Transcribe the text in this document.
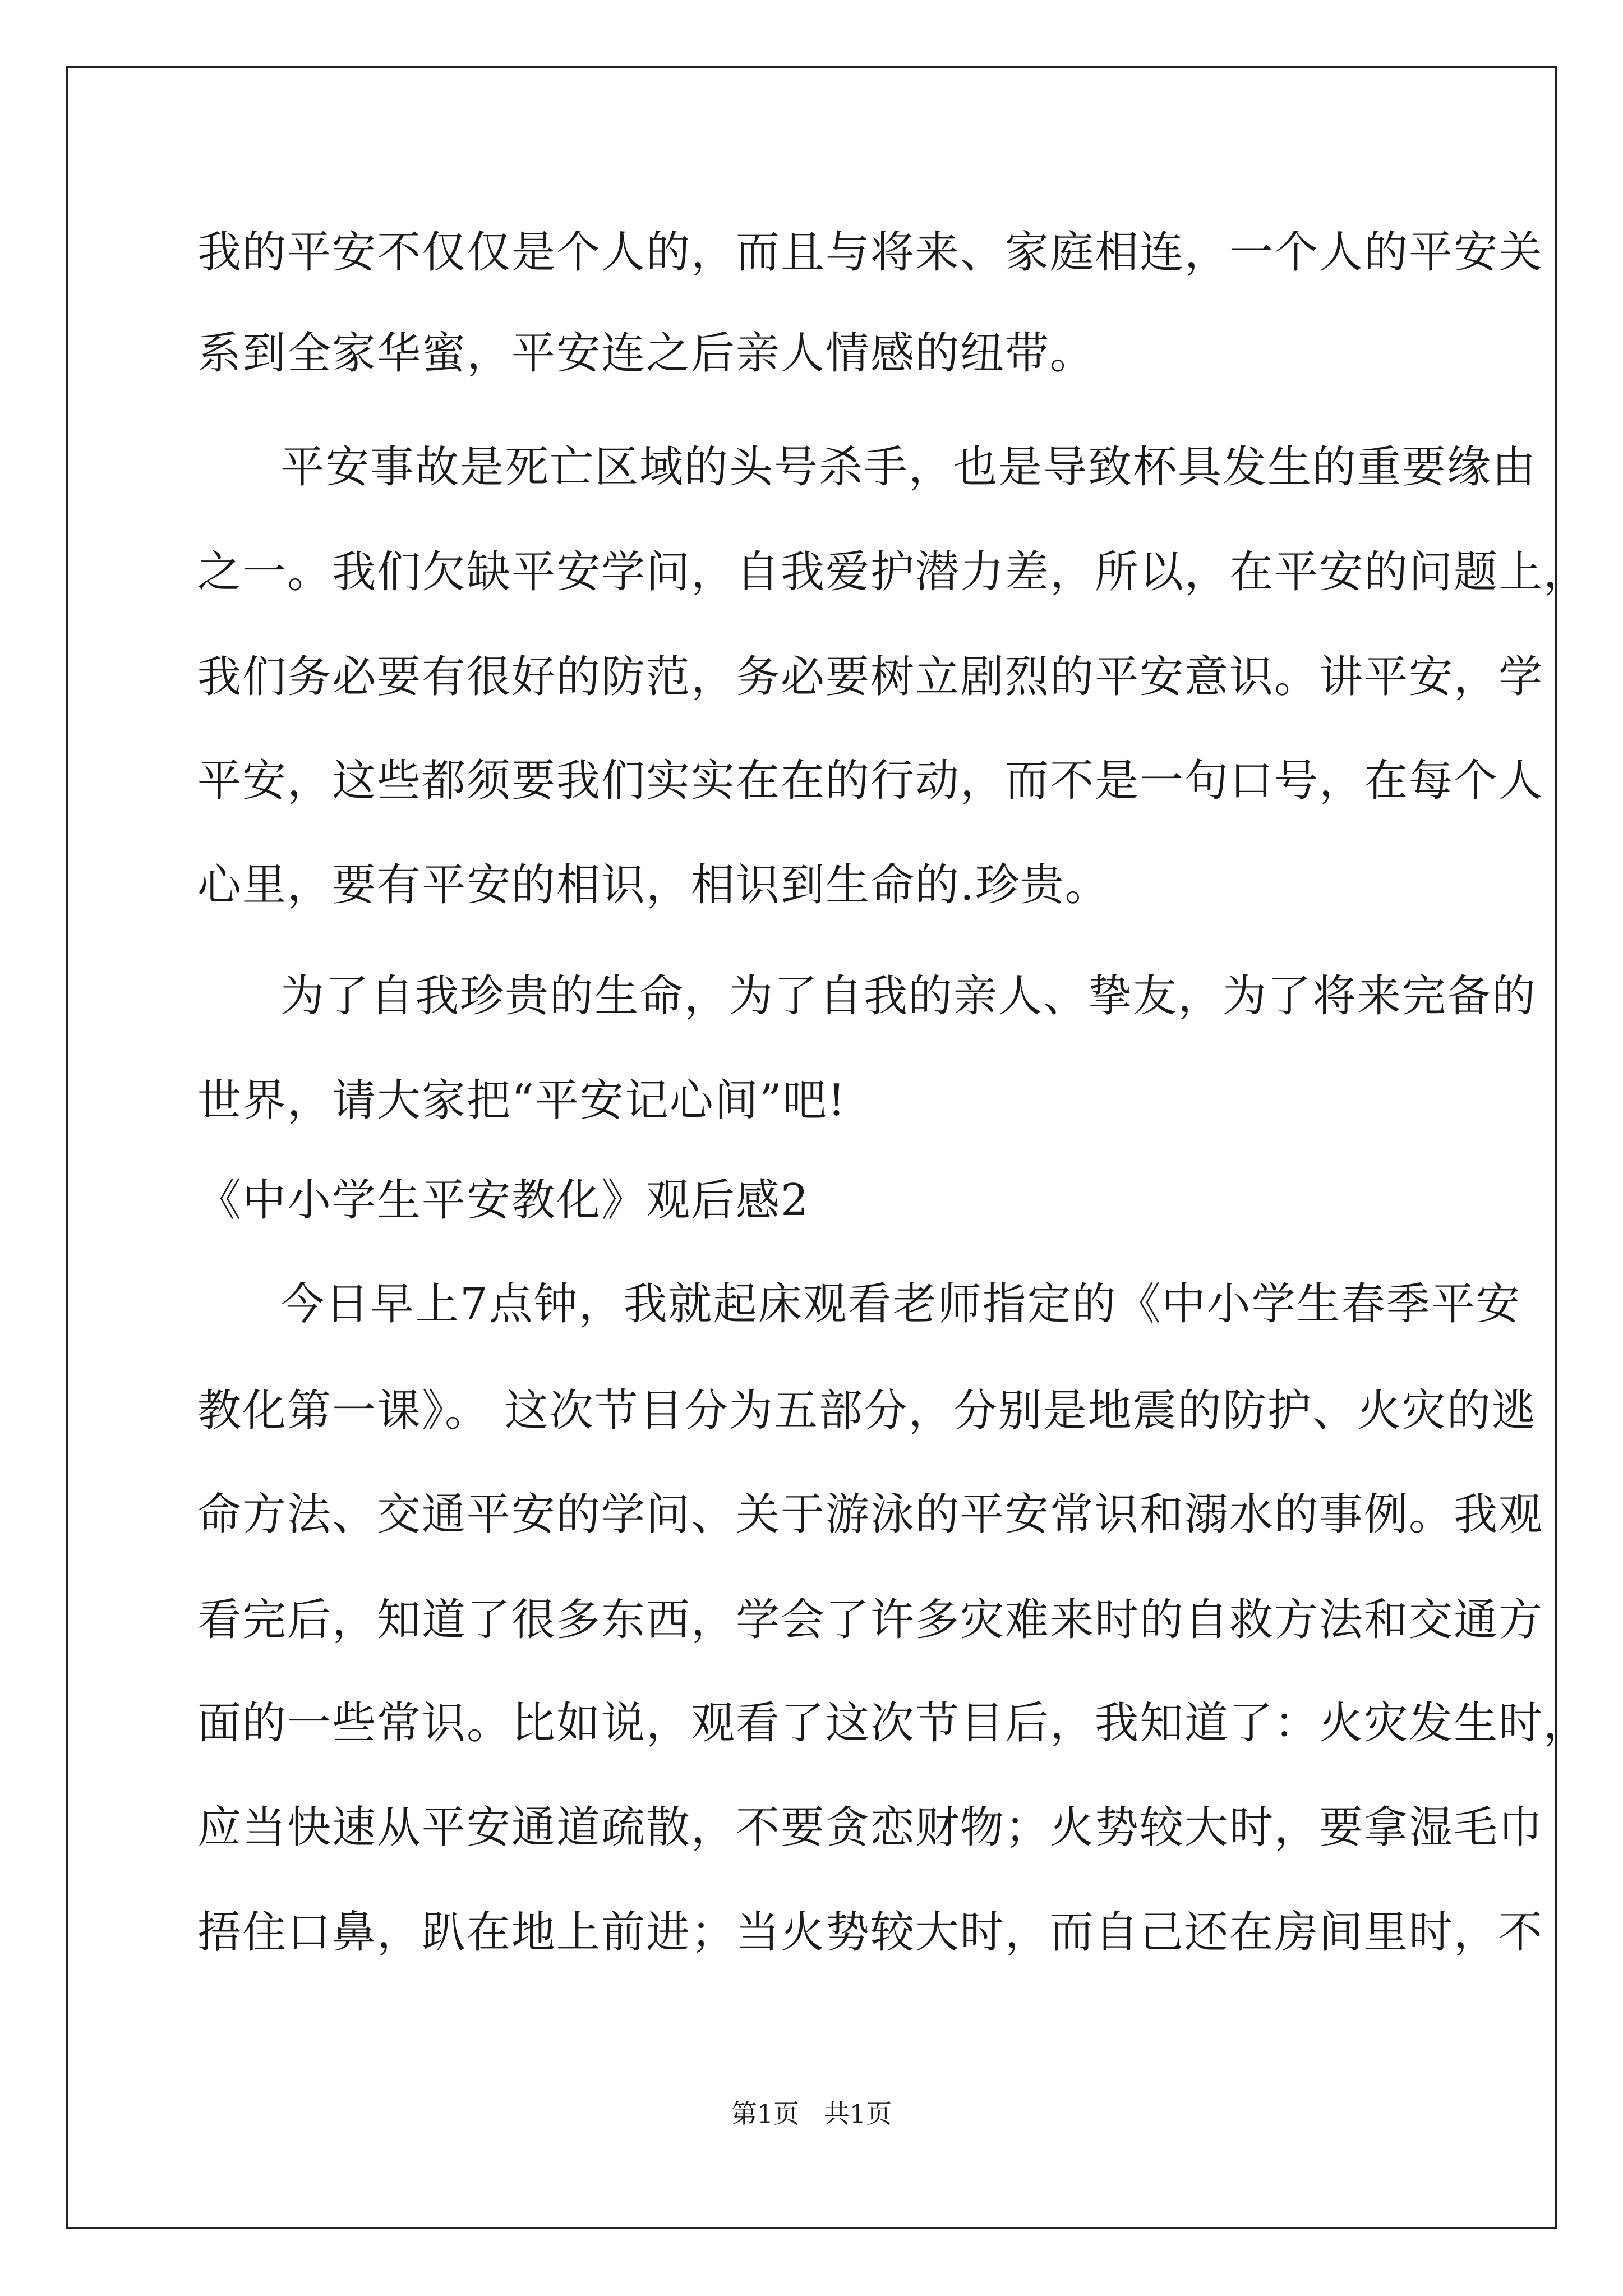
我的平安不仅仅是个人的，而且与将来、家庭相连，一个人的平安关
系到全家华蜜，平安连之后亲人情感的纽带。
平安事故是死亡区域的头号杀手，也是导致杯具发生的重要缘由
之一。我们欠缺平安学问，自我爱护潜力差，所以，在平安的问题上，
我们务必要有很好的防范，务必要树立剧烈的平安意识。讲平安，学
平安，这些都须要我们实实在在的行动，而不是一句口号，在每个人
心里，要有平安的相识，相识到生命的.珍贵。
为了自我珍贵的生命，为了自我的亲人、挚友，为了将来完备的
世界，请大家把“平安记心间”吧!
《中小学生平安教化》观后感2
今日早上7点钟，我就起床观看老师指定的《中小学生春季平安
教化第一课》。 这次节目分为五部分，分别是地震的防护、火灾的逃
命方法、交通平安的学问、关于游泳的平安常识和溺水的事例。我观
看完后，知道了很多东西，学会了许多灾难来时的自救方法和交通方
面的一些常识。比如说，观看了这次节目后，我知道了：火灾发生时，
应当快速从平安通道疏散，不要贪恋财物；火势较大时，要拿湿毛巾
捂住口鼻，趴在地上前进；当火势较大时，而自己还在房间里时，不
第1页   共1页
